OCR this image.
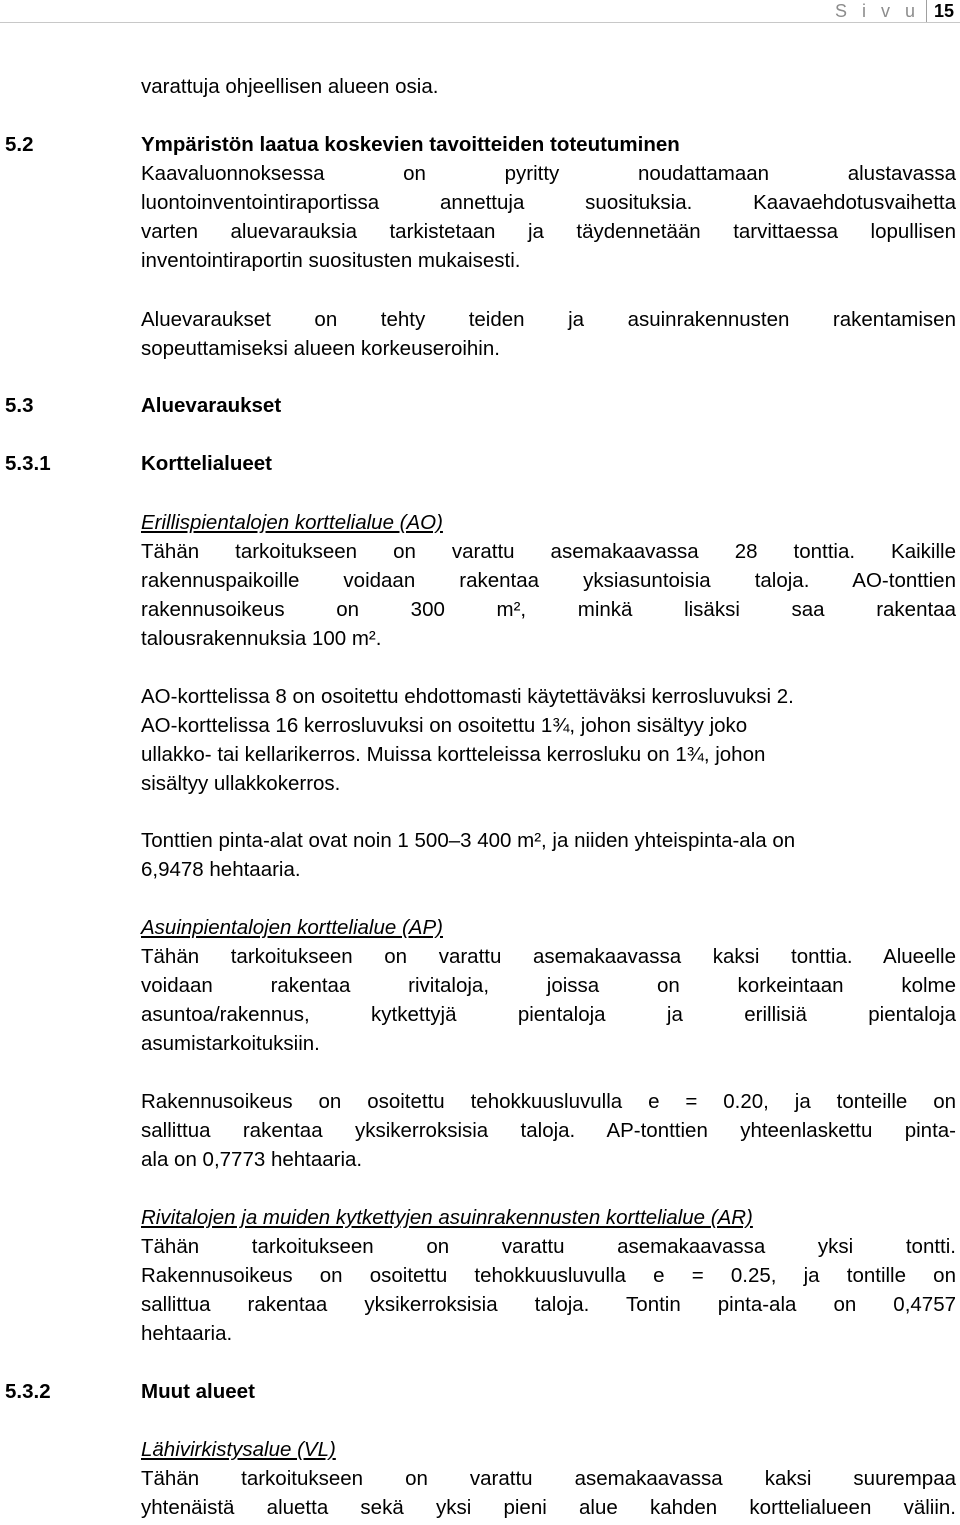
S i v u 15
varattuja ohjeellisen alueen osia.
5.2	Ympäristön laatua koskevien tavoitteiden toteutuminen
Kaavaluonnoksessa on pyritty noudattamaan alustavassa
luontoinventointiraportissa annettuja suosituksia. Kaavaehdotusvaihetta
varten aluevarauksia tarkistetaan ja täydennetään tarvittaessa lopullisen
inventointiraportin suositusten mukaisesti.
Aluevaraukset on tehty teiden ja asuinrakennusten rakentamisen
sopeuttamiseksi alueen korkeuseroihin.
5.3	Aluevaraukset
5.3.1	Korttelialueet
Erillispientalojen korttelialue (AO)
Tähän tarkoitukseen on varattu asemakaavassa 28 tonttia. Kaikille
rakennuspaikoille voidaan rakentaa yksiasuntoisia taloja. AO-tonttien
rakennusoikeus on 300 m², minkä lisäksi saa rakentaa
talousrakennuksia 100 m².
AO-korttelissa 8 on osoitettu ehdottomasti käytettäväksi kerrosluvuksi 2.
AO-korttelissa 16 kerrosluvuksi on osoitettu 1¾, johon sisältyy joko
ullakko- tai kellarikerros. Muissa kortteleissa kerrosluku on 1¾, johon
sisältyy ullakkokerros.
Tonttien pinta-alat ovat noin 1 500–3 400 m², ja niiden yhteispinta-ala on
6,9478 hehtaaria.
Asuinpientalojen korttelialue (AP)
Tähän tarkoitukseen on varattu asemakaavassa kaksi tonttia. Alueelle
voidaan rakentaa rivitaloja, joissa on korkeintaan kolme
asuntoa/rakennus, kytkettyjä pientaloja ja erillisiä pientaloja
asumistarkoituksiin.
Rakennusoikeus on osoitettu tehokkuusluvulla e = 0.20, ja tonteille on
sallittua rakentaa yksikerroksisia taloja. AP-tonttien yhteenlaskettu pinta-
ala on 0,7773 hehtaaria.
Rivitalojen ja muiden kytkettyjen asuinrakennusten korttelialue (AR)
Tähän tarkoitukseen on varattu asemakaavassa yksi tontti.
Rakennusoikeus on osoitettu tehokkuusluvulla e = 0.25, ja tontille on
sallittua rakentaa yksikerroksisia taloja. Tontin pinta-ala on 0,4757
hehtaaria.
5.3.2	Muut alueet
Lähivirkistysalue (VL)
Tähän tarkoitukseen on varattu asemakaavassa kaksi suurempaa
yhtenäistä aluetta sekä yksi pieni alue kahden korttelialueen väliin.
